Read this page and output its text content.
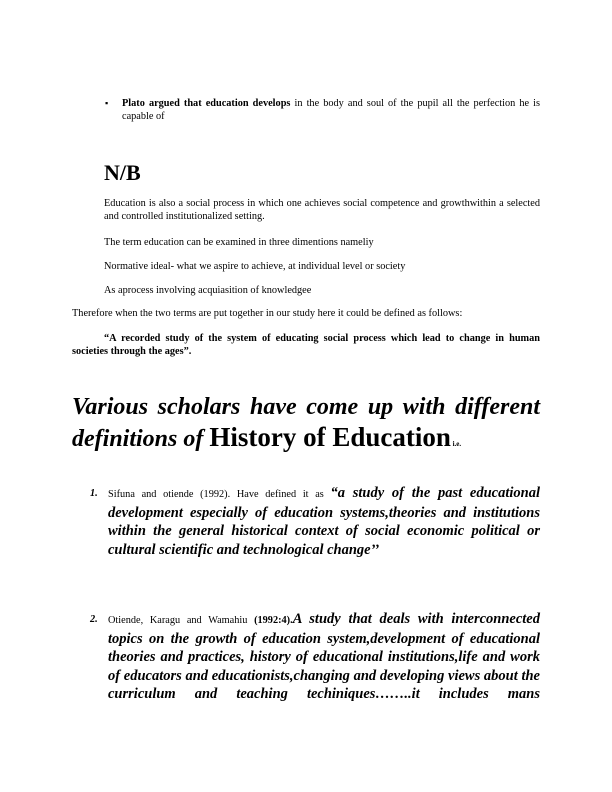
▪ Plato argued that education develops in the body and soul of the pupil all the perfection he is capable of
N/B
Education is also a social process in which one achieves social competence and growthwithin a selected and controlled institutionalized setting.
The term education can be examined in three dimentions nameliy
Normative ideal- what we aspire to achieve, at individual level or society
As aprocess involving acquiasition of knowledgee
Therefore when the two terms are put together in our study here it could be defined as follows:
“A recorded study of the system of educating social process which lead to change in human societies through the ages”.
Various scholars have come up with different
definitions of History of Education i.e.
1. Sifuna and otiende (1992). Have defined it as “a study of the past educational development especially of education systems,theories and institutions within the general historical context of social economic political or cultural scientific and technological change’’
2. Otiende, Karagu and Wamahiu (1992:4).A study that deals with interconnected topics on the growth of education system,development of educational theories and practices, history of educational institutions,life and work of educators and educationists,changing and developing views about the curriculum and teaching techiniques……..it includes mans
